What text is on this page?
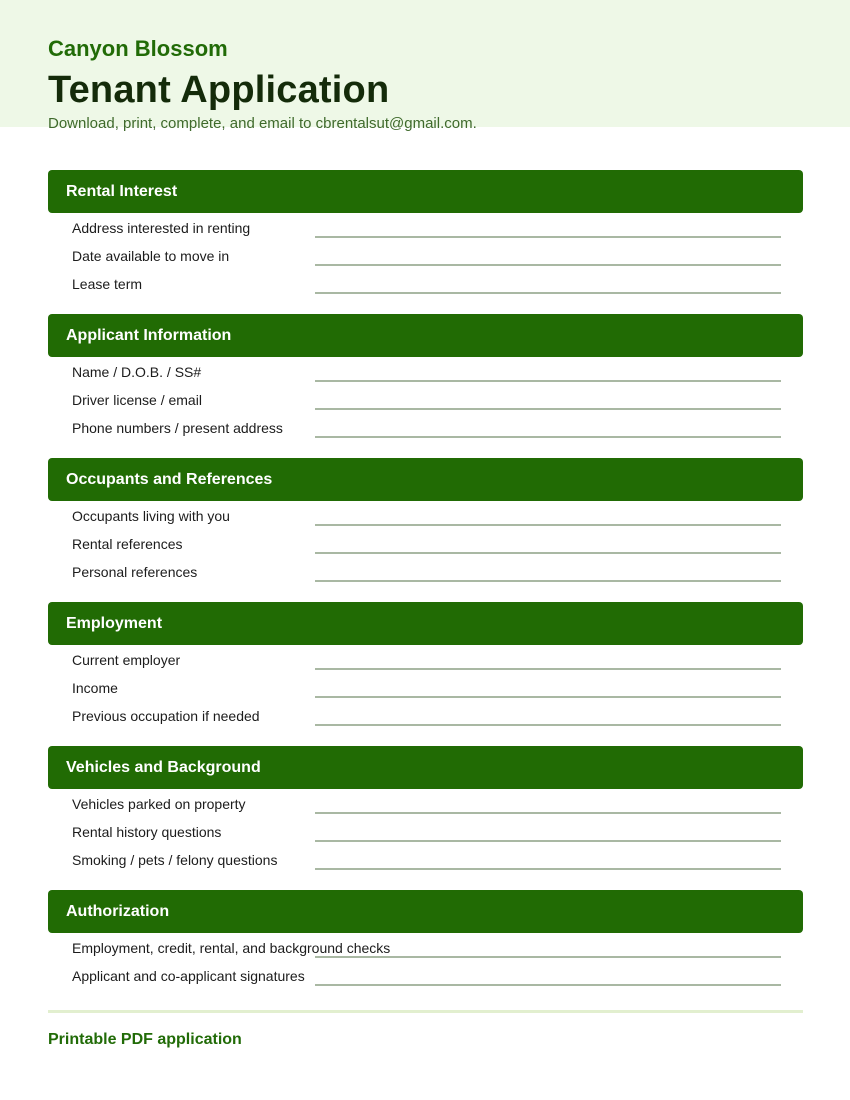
Canyon Blossom
Tenant Application
Download, print, complete, and email to cbrentalsut@gmail.com.
Rental Interest
Address interested in renting
Date available to move in
Lease term
Applicant Information
Name / D.O.B. / SS#
Driver license / email
Phone numbers / present address
Occupants and References
Occupants living with you
Rental references
Personal references
Employment
Current employer
Income
Previous occupation if needed
Vehicles and Background
Vehicles parked on property
Rental history questions
Smoking / pets / felony questions
Authorization
Employment, credit, rental, and background checks
Applicant and co-applicant signatures
Printable PDF application
